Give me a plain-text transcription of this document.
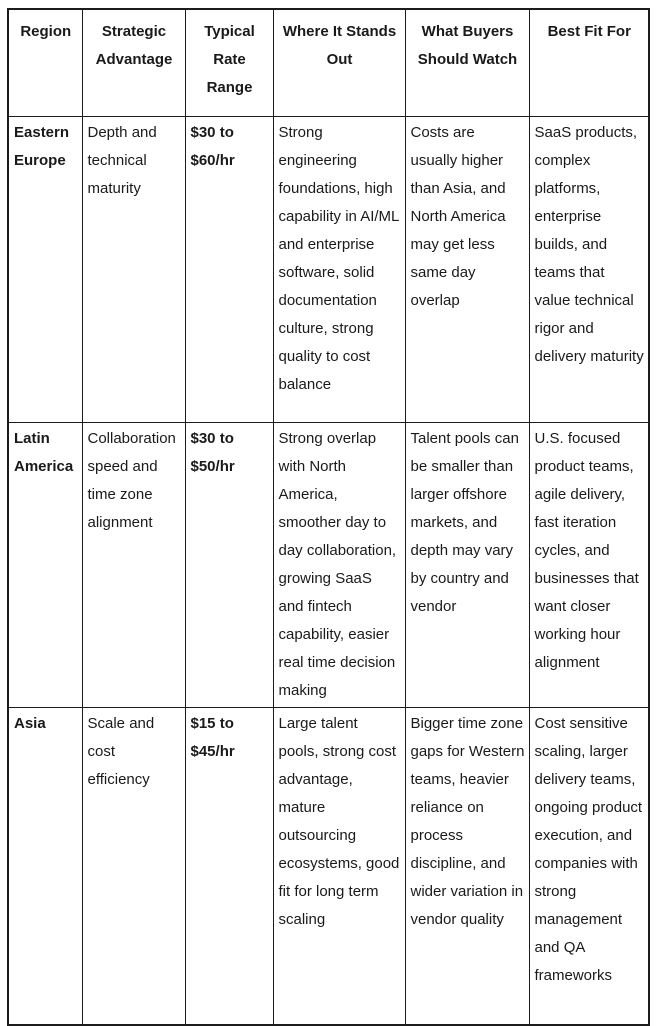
Region	Strategic Advantage	Typical Rate Range	Where It Stands Out	What Buyers Should Watch	Best Fit For
Eastern Europe	Depth and technical maturity	$30 to $60/hr	Strong engineering foundations, high capability in AI/ML and enterprise software, solid documentation culture, strong quality to cost balance	Costs are usually higher than Asia, and North America may get less same day overlap	SaaS products, complex platforms, enterprise builds, and teams that value technical rigor and delivery maturity
Latin America	Collaboration speed and time zone alignment	$30 to $50/hr	Strong overlap with North America, smoother day to day collaboration, growing SaaS and fintech capability, easier real time decision making	Talent pools can be smaller than larger offshore markets, and depth may vary by country and vendor	U.S. focused product teams, agile delivery, fast iteration cycles, and businesses that want closer working hour alignment
Asia	Scale and cost efficiency	$15 to $45/hr	Large talent pools, strong cost advantage, mature outsourcing ecosystems, good fit for long term scaling	Bigger time zone gaps for Western teams, heavier reliance on process discipline, and wider variation in vendor quality	Cost sensitive scaling, larger delivery teams, ongoing product execution, and companies with strong management and QA frameworks
